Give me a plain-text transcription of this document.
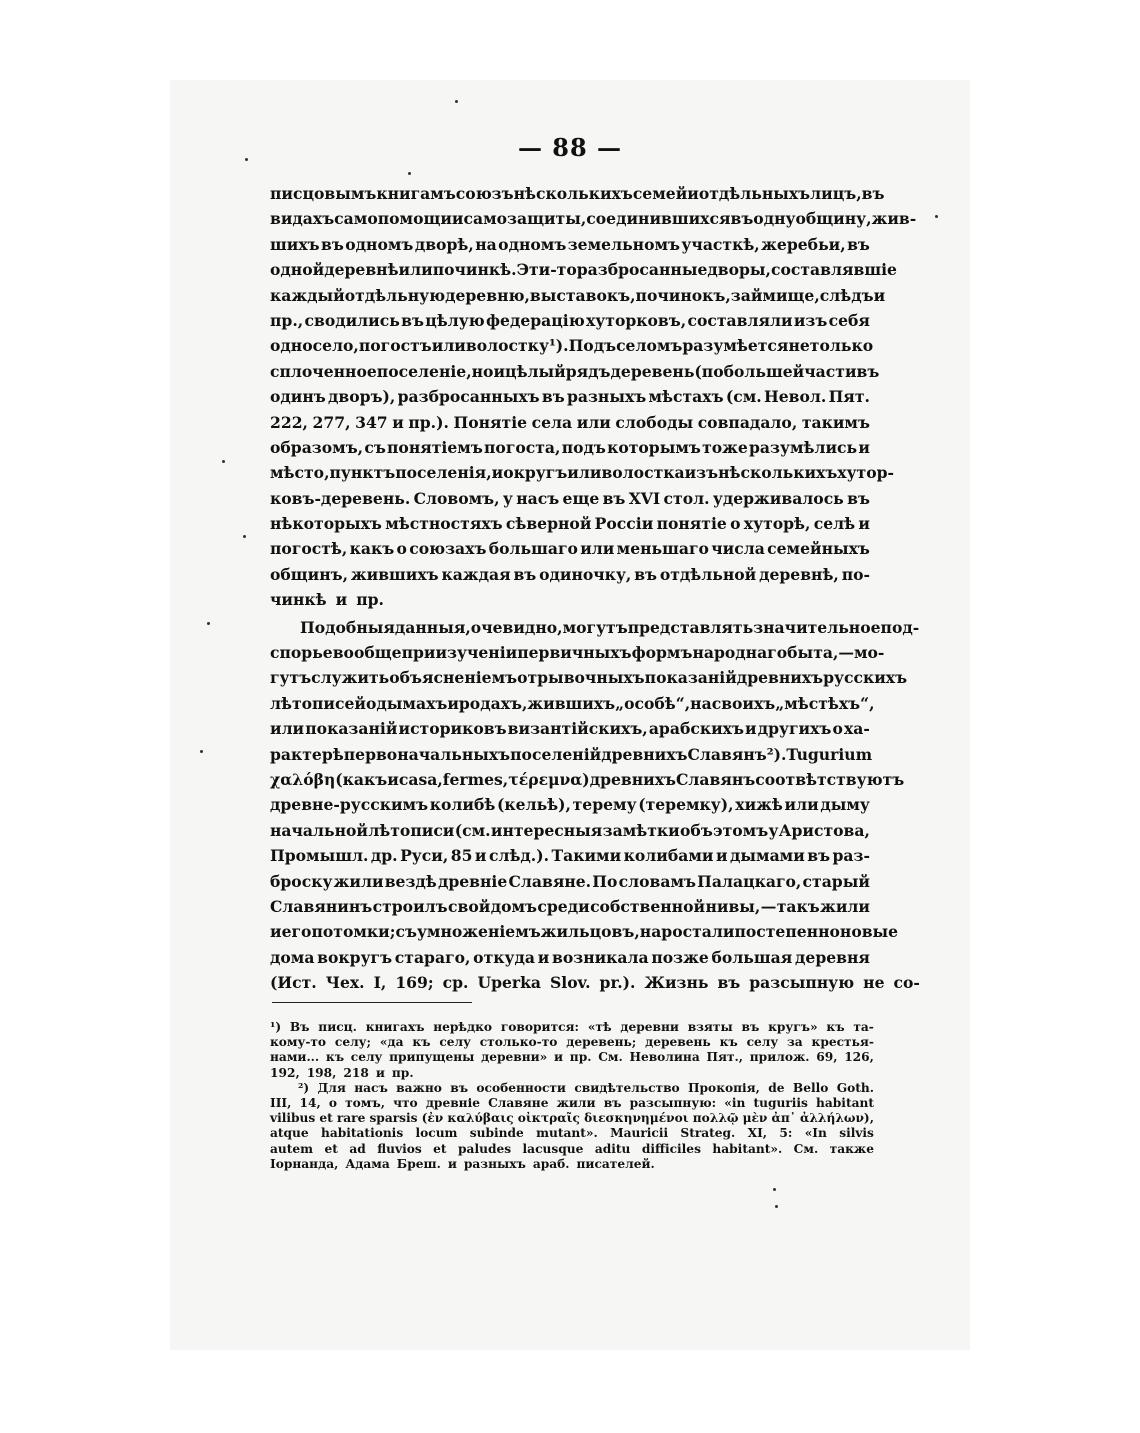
— 88 —
писцовымъ книгамъ союзъ нѣсколькихъ семей и отдѣльныхъ лицъ, въ
видахъ самопомощи и самозащиты, соединившихся въ одну общину, жив-
шихъ въ одномъ дворѣ, на одномъ земельномъ участкѣ, жеребьи, въ
одной деревнѣ или починкѣ. Эти-то разбросанные дворы, составлявшіе
каждый отдѣльную деревню, выставокъ, починокъ, займище, слѣдъ и
пр., сводились въ цѣлую федерацію хуторковъ, составляли изъ себя
одно село, погостъ или волостку ¹). Подъ селомъ разумѣется не только
сплоченное поселеніе, но и цѣлый рядъ деревень (по большей части въ
одинъ дворъ), разбросанныхъ въ разныхъ мѣстахъ (см. Невол. Пят.
222, 277, 347 и пр.). Понятіе села или слободы совпадало, такимъ
образомъ, съ понятіемъ погоста, подъ которымъ тоже разумѣлись и
мѣсто, пунктъ поселенія, и округъ или волостка изъ нѣсколькихъ хутор-
ковъ-деревень. Словомъ, у насъ еще въ XVI стол. удерживалось въ
нѣкоторыхъ мѣстностяхъ сѣверной Россіи понятіе о хуторѣ, селѣ и
погостѣ, какъ о союзахъ большаго или меньшаго числа семейныхъ
общинъ, жившихъ каждая въ одиночку, въ отдѣльной деревнѣ, по-
чинкѣ и пр.
Подобныя данныя, очевидно, могутъ представлять значительное под-
спорье вообще при изученіи первичныхъ формъ народнаго быта, — мо-
гутъ служить объясненіемъ отрывочныхъ показаній древнихъ русскихъ
лѣтописей о дымахъ и родахъ, жившихъ „особѣ“, на своихъ „мѣстѣхъ“,
или показаній историковъ византійскихъ, арабскихъ и другихъ о ха-
рактерѣ первоначальныхъ поселеній древнихъ Славянъ ²). Tugurium
χαλόβη (какъ и casa, fermes, τέρεμνα) древнихъ Славянъ соотвѣтствуютъ
древне-русскимъ колибѣ (кельѣ), терему (теремку), хижѣ или дыму
начальной лѣтописи (см. интересныя замѣтки объ этомъ у Аристова,
Промышл. др. Руси, 85 и слѣд.). Такими колибами и дымами въ раз-
броску жили вездѣ древніе Славяне. По словамъ Палацкаго, старый
Славянинъ строилъ свой домъ среди собственной нивы, — такъ жили
и его потомки; съ умноженіемъ жильцовъ, наростали постепенно новые
дома вокругъ стараго, откуда и возникала позже большая деревня
(Ист. Чех. I, 169; ср. Uperka Slov. pr.). Жизнь въ разсыпную не со-
¹) Въ писц. книгахъ нерѣдко говорится: «тѣ деревни взяты въ кругъ» къ та-
кому-то селу; «да къ селу столько-то деревень; деревень къ селу за крестья-
нами... къ селу припущены деревни» и пр. См. Неволина Пят., прилож. 69, 126,
192, 198, 218 и пр.
²) Для насъ важно въ особенности свидѣтельство Прокопія, de Bello Goth.
III, 14, о томъ, что древніе Славяне жили въ разсыпную: «in tuguriis habitant
vilibus et rare sparsis (ἐν καλύβαις οἰκτραῖς διεσκηνημένοι πολλῷ μὲν ἀπ᾽ ἀλλήλων),
atque habitationis locum subinde mutant». Mauricii Strateg. XI, 5: «In silvis
autem et ad fluvios et paludes lacusque aditu difficiles habitant». См. также
Іорнанда, Адама Бреш. и разныхъ араб. писателей.
